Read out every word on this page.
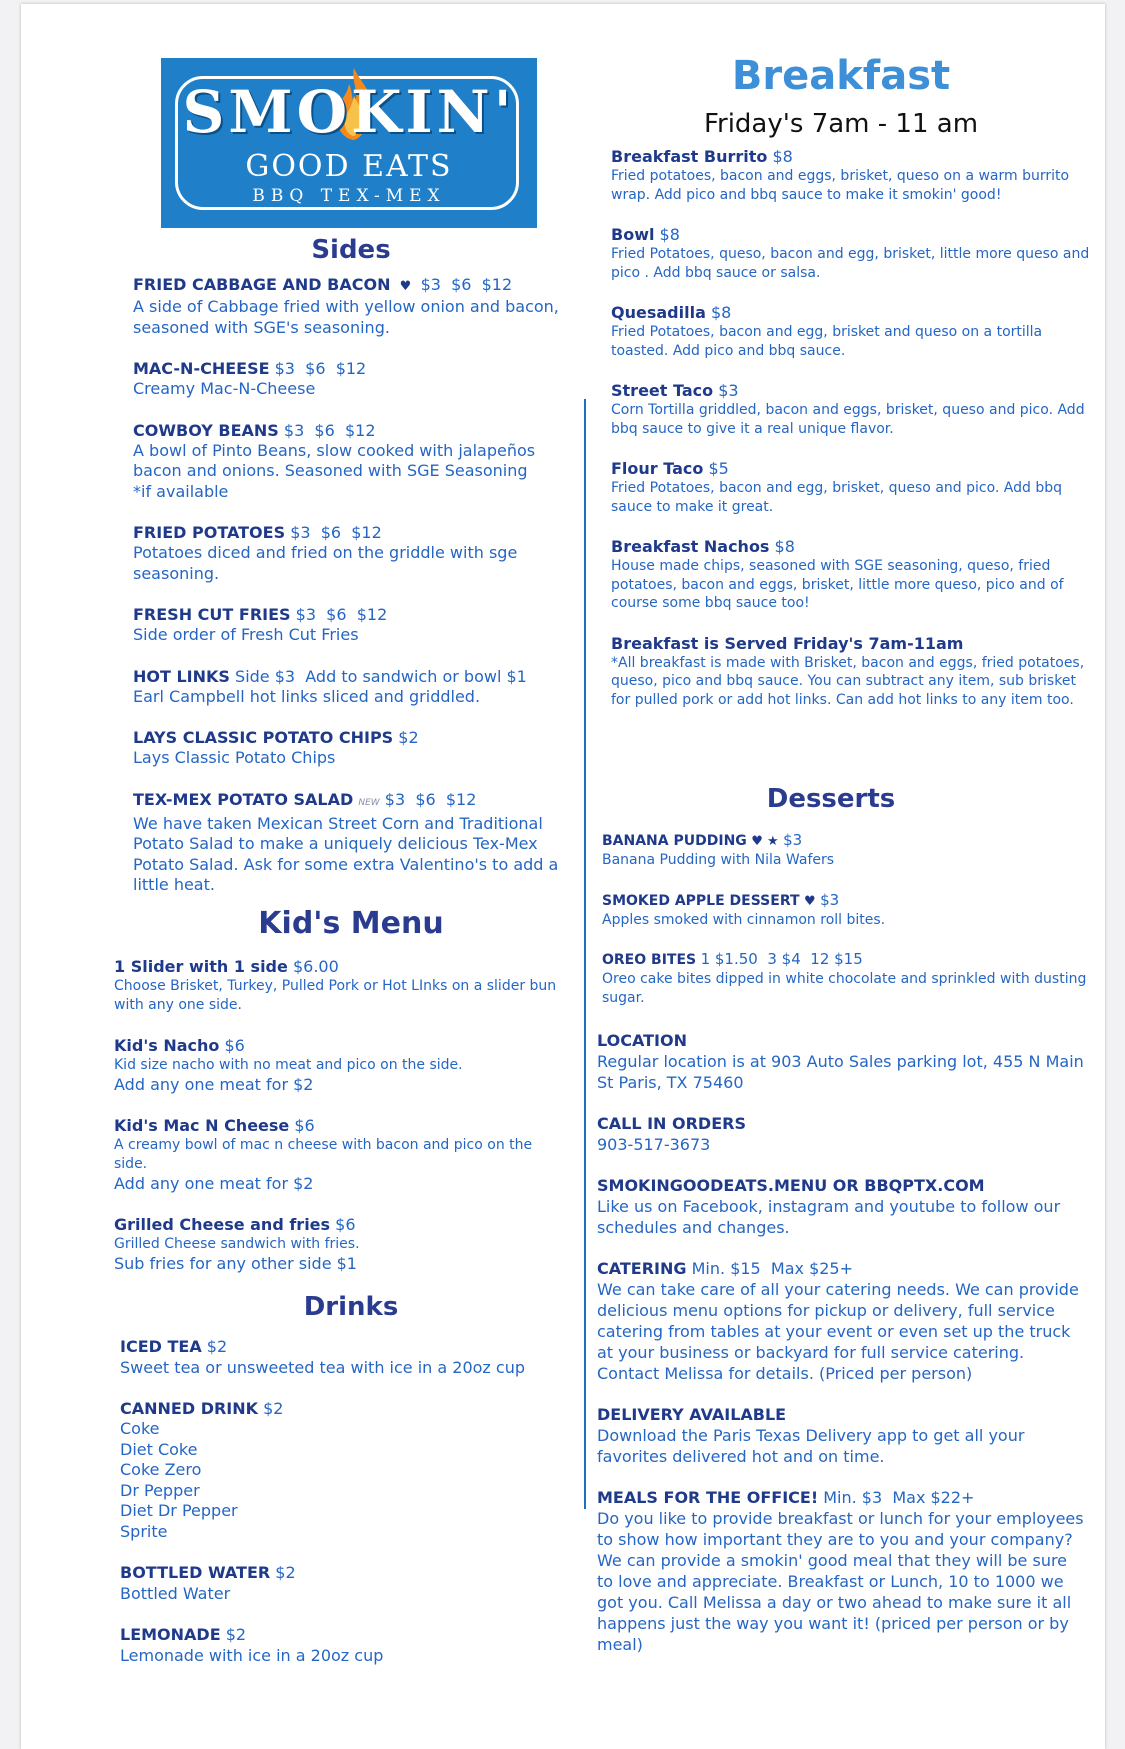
SMOKIN'
GOOD EATS
BBQ TEX-MEX
Sides
FRIED CABBAGE AND BACON  ♥  $3  $6  $12
A side of Cabbage fried with yellow onion and bacon, seasoned with SGE's seasoning.
MAC-N-CHEESE $3  $6  $12
Creamy Mac-N-Cheese
COWBOY BEANS $3  $6  $12
A bowl of Pinto Beans, slow cooked with jalapeños bacon and onions. Seasoned with SGE Seasoning
*if available
FRIED POTATOES $3  $6  $12
Potatoes diced and fried on the griddle with sge seasoning.
FRESH CUT FRIES $3  $6  $12
Side order of Fresh Cut Fries
HOT LINKS Side $3  Add to sandwich or bowl $1
Earl Campbell hot links sliced and griddled.
LAYS CLASSIC POTATO CHIPS $2
Lays Classic Potato Chips
TEX-MEX POTATO SALAD NEW $3  $6  $12
We have taken Mexican Street Corn and Traditional Potato Salad to make a uniquely delicious Tex-Mex Potato Salad. Ask for some extra Valentino's to add a little heat.
Kid's Menu
1 Slider with 1 side $6.00
Choose Brisket, Turkey, Pulled Pork or Hot LInks on a slider bun with any one side.
Kid's Nacho $6
Kid size nacho with no meat and pico on the side.
Add any one meat for $2
Kid's Mac N Cheese $6
A creamy bowl of mac n cheese with bacon and pico on the side.
Add any one meat for $2
Grilled Cheese and fries $6
Grilled Cheese sandwich with fries.
Sub fries for any other side $1
Drinks
ICED TEA $2
Sweet tea or unsweeted tea with ice in a 20oz cup
CANNED DRINK $2
Coke
Diet Coke
Coke Zero
Dr Pepper
Diet Dr Pepper
Sprite
BOTTLED WATER $2
Bottled Water
LEMONADE $2
Lemonade with ice in a 20oz cup
Breakfast
Friday's 7am - 11 am
Breakfast Burrito $8
Fried potatoes, bacon and eggs, brisket, queso on a warm burrito wrap. Add pico and bbq sauce to make it smokin' good!
Bowl $8
Fried Potatoes, queso, bacon and egg, brisket, little more queso and pico . Add bbq sauce or salsa.
Quesadilla $8
Fried Potatoes, bacon and egg, brisket and queso on a tortilla toasted. Add pico and bbq sauce.
Street Taco $3
Corn Tortilla griddled, bacon and eggs, brisket, queso and pico. Add bbq sauce to give it a real unique flavor.
Flour Taco $5
Fried Potatoes, bacon and egg, brisket, queso and pico. Add bbq sauce to make it great.
Breakfast Nachos $8
House made chips, seasoned with SGE seasoning, queso, fried potatoes, bacon and eggs, brisket, little more queso, pico and of course some bbq sauce too!
Breakfast is Served Friday's 7am-11am
*All breakfast is made with Brisket, bacon and eggs, fried potatoes, queso, pico and bbq sauce. You can subtract any item, sub brisket for pulled pork or add hot links. Can add hot links to any item too.
Desserts
BANANA PUDDING ♥ ★ $3
Banana Pudding with Nila Wafers
SMOKED APPLE DESSERT ♥ $3
Apples smoked with cinnamon roll bites.
OREO BITES 1 $1.50  3 $4  12 $15
Oreo cake bites dipped in white chocolate and sprinkled with dusting sugar.
LOCATION
Regular location is at 903 Auto Sales parking lot, 455 N Main St Paris, TX 75460
CALL IN ORDERS
903-517-3673
SMOKINGOODEATS.MENU OR BBQPTX.COM
Like us on Facebook, instagram and youtube to follow our schedules and changes.
CATERING Min. $15  Max $25+
We can take care of all your catering needs. We can provide delicious menu options for pickup or delivery, full service catering from tables at your event or even set up the truck at your business or backyard for full service catering. Contact Melissa for details. (Priced per person)
DELIVERY AVAILABLE
Download the Paris Texas Delivery app to get all your favorites delivered hot and on time.
MEALS FOR THE OFFICE! Min. $3  Max $22+
Do you like to provide breakfast or lunch for your employees to show how important they are to you and your company? We can provide a smokin' good meal that they will be sure to love and appreciate. Breakfast or Lunch, 10 to 1000 we got you. Call Melissa a day or two ahead to make sure it all happens just the way you want it! (priced per person or by meal)
